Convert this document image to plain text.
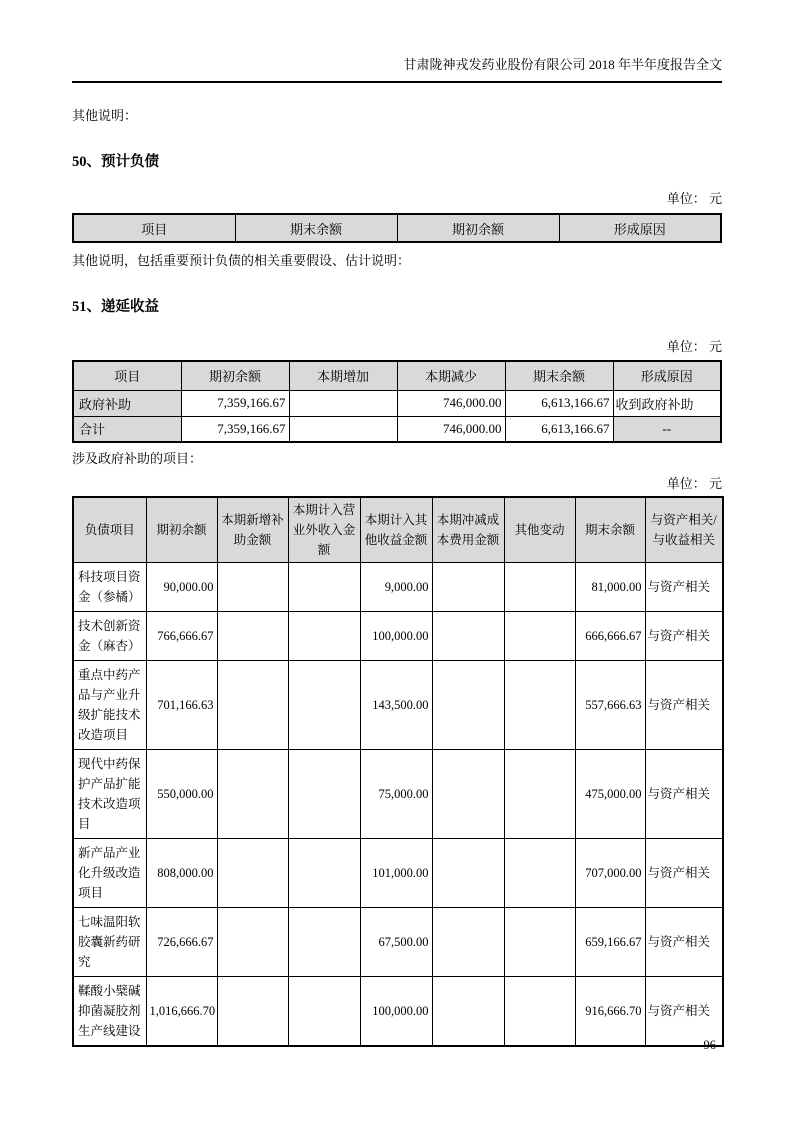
甘肃陇神戎发药业股份有限公司 2018 年半年度报告全文
其他说明：
50、预计负债
单位： 元
项目	期末余额	期初余额	形成原因
其他说明，包括重要预计负债的相关重要假设、估计说明：
51、递延收益
单位： 元
项目	期初余额	本期增加	本期减少	期末余额	形成原因
政府补助	7,359,166.67		746,000.00	6,613,166.67	收到政府补助
合计	7,359,166.67		746,000.00	6,613,166.67	--
涉及政府补助的项目：
单位： 元
负债项目	期初余额	本期新增补助金额	本期计入营业外收入金额	本期计入其他收益金额	本期冲减成本费用金额	其他变动	期末余额	与资产相关/与收益相关
科技项目资金（参橘）	90,000.00			9,000.00			81,000.00	与资产相关
技术创新资金（麻杏）	766,666.67			100,000.00			666,666.67	与资产相关
重点中药产品与产业升级扩能技术改造项目	701,166.63			143,500.00			557,666.63	与资产相关
现代中药保护产品扩能技术改造项目	550,000.00			75,000.00			475,000.00	与资产相关
新产品产业化升级改造项目	808,000.00			101,000.00			707,000.00	与资产相关
七味温阳软胶囊新药研究	726,666.67			67,500.00			659,166.67	与资产相关
鞣酸小檗碱抑菌凝胶剂生产线建设	1,016,666.70			100,000.00			916,666.70	与资产相关
96
